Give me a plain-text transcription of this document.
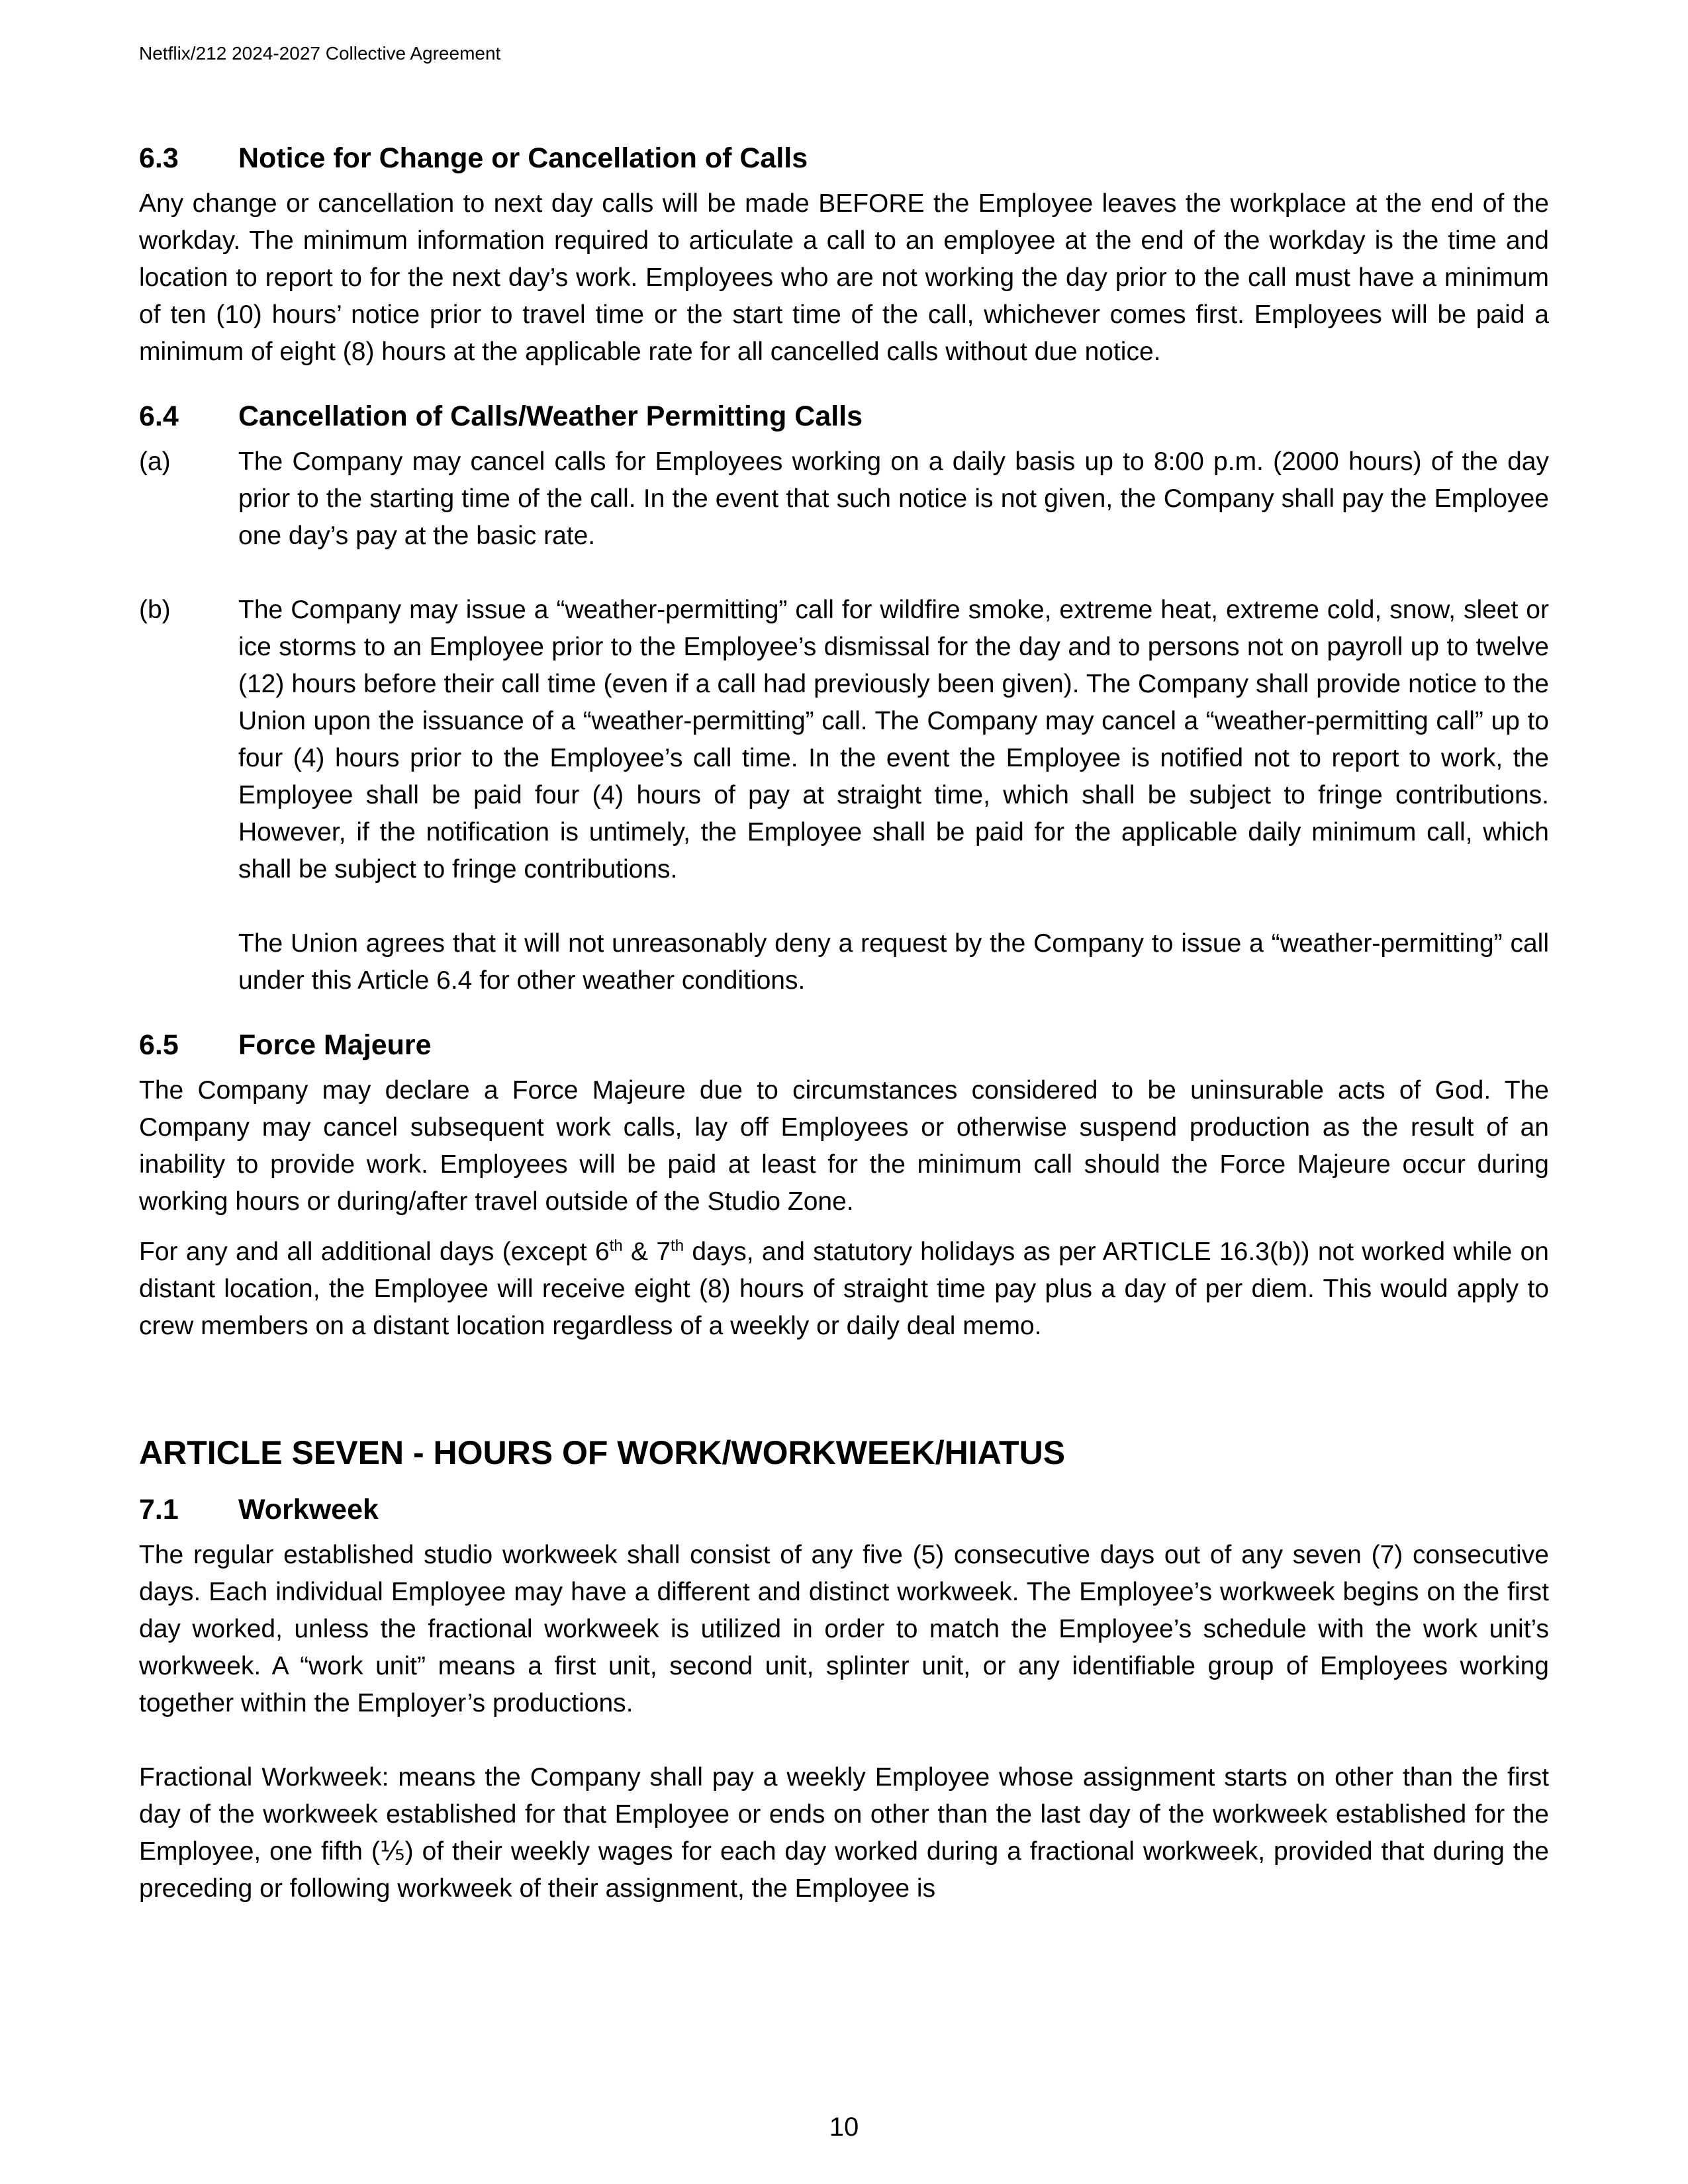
Netflix/212 2024-2027 Collective Agreement
6.3	Notice for Change or Cancellation of Calls

Any change or cancellation to next day calls will be made BEFORE the Employee leaves the workplace at the end of the workday. The minimum information required to articulate a call to an employee at the end of the workday is the time and location to report to for the next day’s work. Employees who are not working the day prior to the call must have a minimum of ten (10) hours’ notice prior to travel time or the start time of the call, whichever comes first. Employees will be paid a minimum of eight (8) hours at the applicable rate for all cancelled calls without due notice.

6.4	Cancellation of Calls/Weather Permitting Calls
(a)	The Company may cancel calls for Employees working on a daily basis up to 8:00 p.m. (2000 hours) of the day prior to the starting time of the call. In the event that such notice is not given, the Company shall pay the Employee one day’s pay at the basic rate.
(b)	The Company may issue a “weather-permitting” call for wildfire smoke, extreme heat, extreme cold, snow, sleet or ice storms to an Employee prior to the Employee’s dismissal for the day and to persons not on payroll up to twelve (12) hours before their call time (even if a call had previously been given). The Company shall provide notice to the Union upon the issuance of a “weather-permitting” call. The Company may cancel a “weather-permitting call” up to four (4) hours prior to the Employee’s call time. In the event the Employee is notified not to report to work, the Employee shall be paid four (4) hours of pay at straight time, which shall be subject to fringe contributions. However, if the notification is untimely, the Employee shall be paid for the applicable daily minimum call, which shall be subject to fringe contributions.

The Union agrees that it will not unreasonably deny a request by the Company to issue a “weather-permitting” call under this Article 6.4 for other weather conditions.

6.5	Force Majeure

The Company may declare a Force Majeure due to circumstances considered to be uninsurable acts of God. The Company may cancel subsequent work calls, lay off Employees or otherwise suspend production as the result of an inability to provide work. Employees will be paid at least for the minimum call should the Force Majeure occur during working hours or during/after travel outside of the Studio Zone.

For any and all additional days (except 6th & 7th days, and statutory holidays as per ARTICLE 16.3(b)) not worked while on distant location, the Employee will receive eight (8) hours of straight time pay plus a day of per diem. This would apply to crew members on a distant location regardless of a weekly or daily deal memo.

ARTICLE SEVEN - HOURS OF WORK/WORKWEEK/HIATUS
7.1	Workweek

The regular established studio workweek shall consist of any five (5) consecutive days out of any seven (7) consecutive days. Each individual Employee may have a different and distinct workweek. The Employee’s workweek begins on the first day worked, unless the fractional workweek is utilized in order to match the Employee’s schedule with the work unit’s workweek. A “work unit” means a first unit, second unit, splinter unit, or any identifiable group of Employees working together within the Employer’s productions.

Fractional Workweek: means the Company shall pay a weekly Employee whose assignment starts on other than the first day of the workweek established for that Employee or ends on other than the last day of the workweek established for the Employee, one fifth (⅕) of their weekly wages for each day worked during a fractional workweek, provided that during the preceding or following workweek of their assignment, the Employee is

10
